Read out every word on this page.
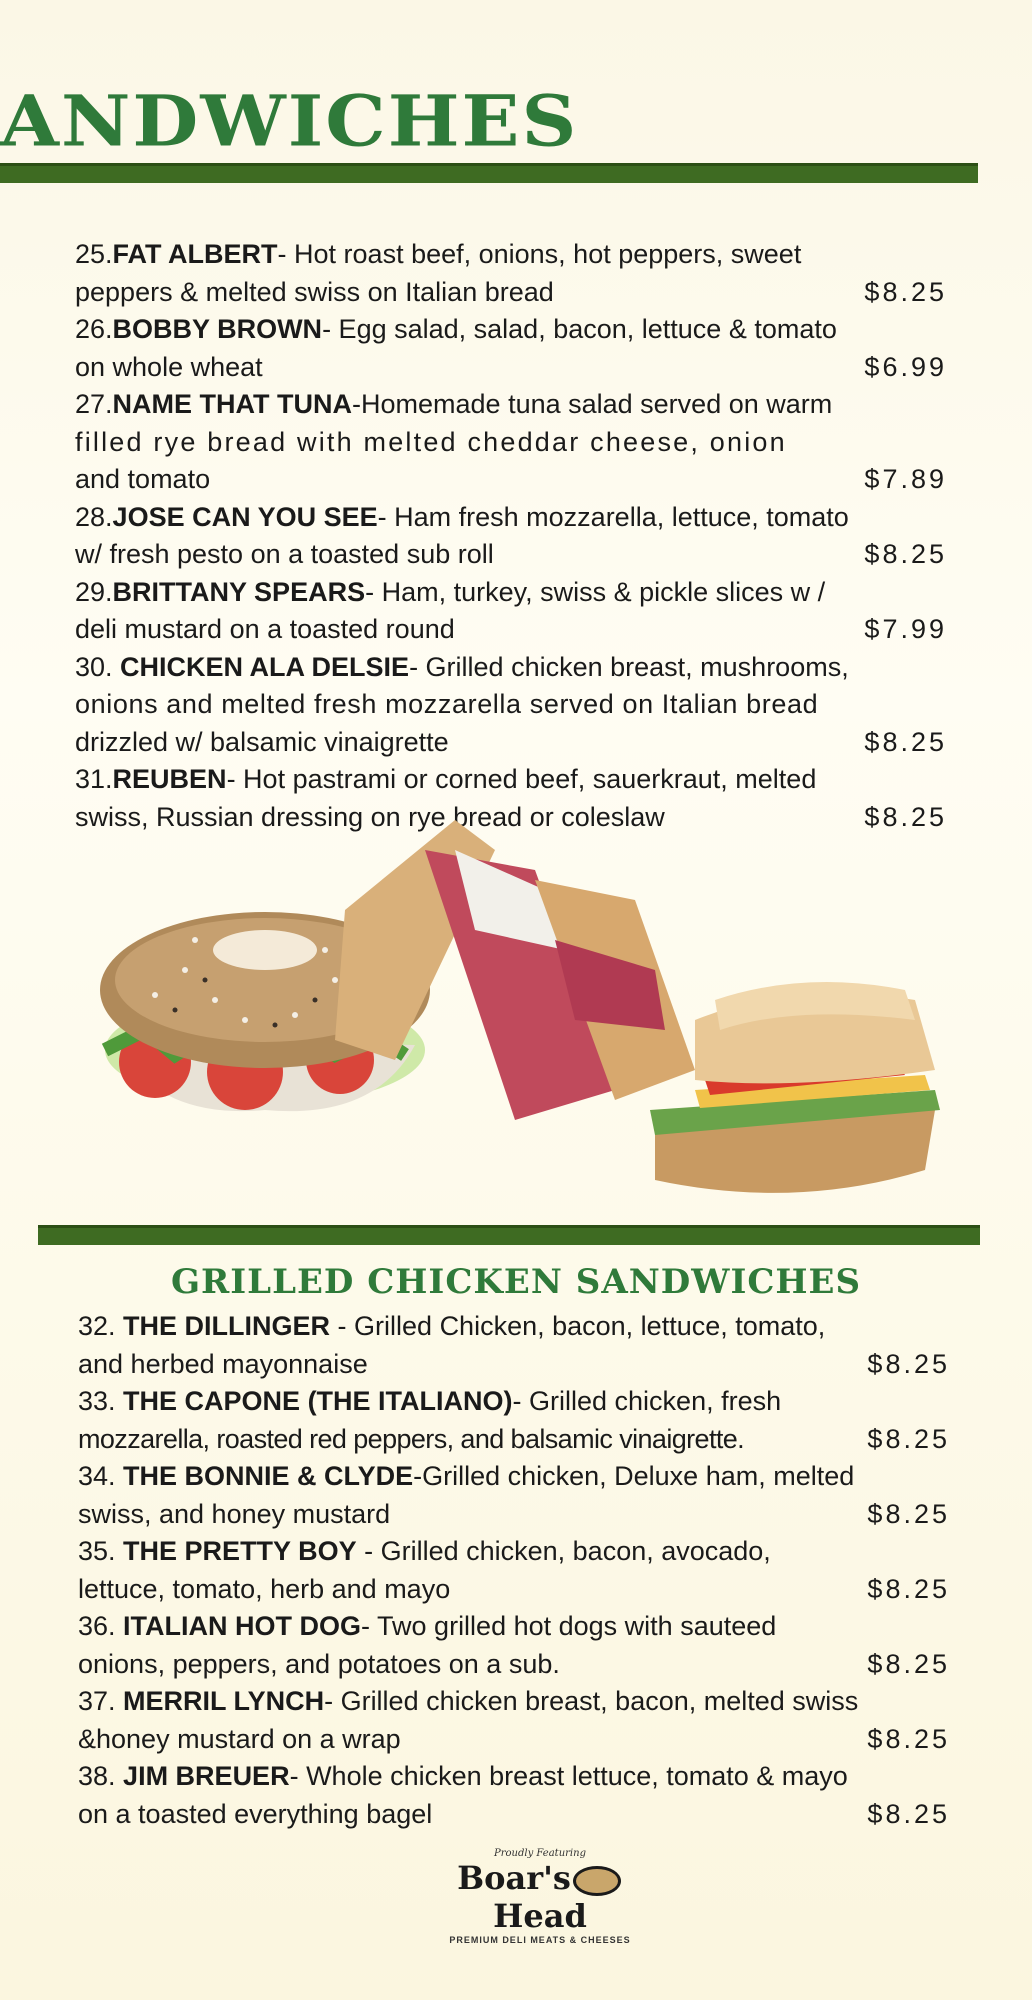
ANDWICHES
25.FAT ALBERT- Hot roast beef, onions, hot peppers, sweet
peppers & melted swiss on Italian bread	$8.25
26.BOBBY BROWN- Egg salad, salad, bacon, lettuce & tomato
on whole wheat	$6.99
27.NAME THAT TUNA-Homemade tuna salad served on warm
filled rye bread with melted cheddar cheese, onion
and tomato	$7.89
28.JOSE CAN YOU SEE- Ham fresh mozzarella, lettuce, tomato
w/ fresh pesto on a toasted sub roll	$8.25
29.BRITTANY SPEARS- Ham, turkey, swiss & pickle slices w /
deli mustard on a toasted round	$7.99
30. CHICKEN ALA DELSIE- Grilled chicken breast, mushrooms,
onions and melted fresh mozzarella served on Italian bread
drizzled w/ balsamic vinaigrette	$8.25
31.REUBEN- Hot pastrami or corned beef, sauerkraut, melted
swiss, Russian dressing on rye bread or coleslaw	$8.25
GRILLED CHICKEN SANDWICHES
32. THE DILLINGER - Grilled Chicken, bacon, lettuce, tomato,
and herbed mayonnaise	$8.25
33. THE CAPONE (THE ITALIANO)- Grilled chicken, fresh
mozzarella, roasted red peppers, and balsamic vinaigrette.	$8.25
34. THE BONNIE & CLYDE-Grilled chicken, Deluxe ham, melted
swiss, and honey mustard	$8.25
35. THE PRETTY BOY - Grilled chicken, bacon, avocado,
lettuce, tomato, herb and mayo	$8.25
36. ITALIAN HOT DOG- Two grilled hot dogs with sauteed
onions, peppers, and potatoes on a sub.	$8.25
37. MERRIL LYNCH- Grilled chicken breast, bacon, melted swiss
&honey mustard on a wrap	$8.25
38. JIM BREUER- Whole chicken breast lettuce, tomato & mayo
on a toasted everything bagel	$8.25
Proudly Featuring
Boar'sHead
PREMIUM DELI MEATS & CHEESES
